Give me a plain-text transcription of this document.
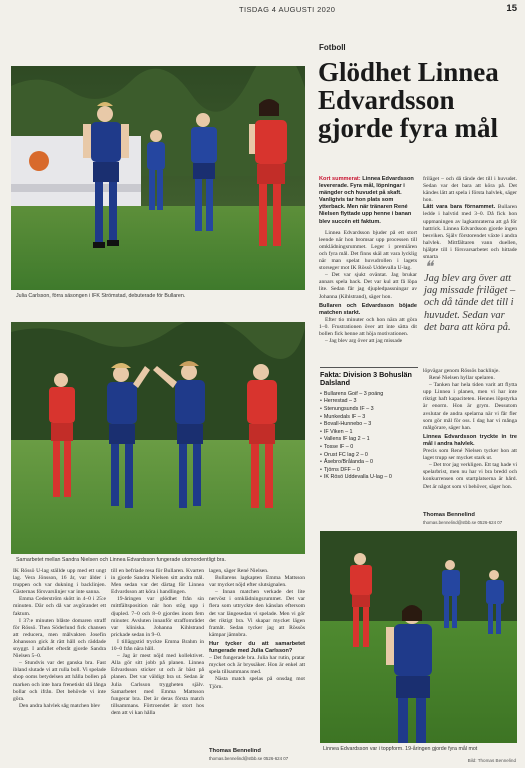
TISDAG 4 AUGUSTI 2020	15
Fotboll
Julia Carlsson, förra säsongen i IFK Strömstad, debuterade för Bullaren.
Samarbetet mellan Sandra Nielsen och Linnea Edvardsson fungerade utomordentligt bra.
Glödhet Linnea Edvardsson gjorde fyra mål

Kort summerat: Linnea Edvardsson levererade. Fyra mål, löpningar i mängder och huvudet på skaft. Vanligtvis tar hon plats som ytterback. Men när tränaren René Nielsen flyttade upp henne i banan blev succén ett faktum.

Linnea Edvardsson bjuder på ett stort leende när hon bromsar upp processen till omklädningsrummet. Leger i premiären och fyra mål. Det finns skäl att vara lycklig när man spelat huvudrollen i lagets storseger mot IK Rössö Uddevalla U-lag.

– Det var sjukt oväntat. Jag brukar annars spela back. Det var kul att få löpa lite. Sedan får jag djupledpassningar av Johanna (Kihlstrand), säger hon.

Bullaren och Edvardsson böjade matchen starkt.

Efter tio minuter och hon nära att göra 1–0. Frustrationen över att inte sätta dit bollen fick henne att höja motivationen.

– Jag blev arg över att jag missade

friläget – och då tände det till i huvudet. Sedan var det bara att köra på. Det kändes lätt att spela i första halvlek, säger hon.

Lätt vara bara förnammet. Bullaren ledde i halvtid med 3–0. Då fick hon uppmaningen av lagkamraterna att gå för hattrick. Linnea Edvardsson gjorde ingen besviken. Själv förstorendet växte i andra halvlek. Mittfältaren vann duellen, hjälpte till i försvarsarbetet och hittade smarta
❝
Jag blev arg över att jag missade friläget – och då tände det till i huvudet. Sedan var det bara att köra på.

löpvägar genom Rössös backlinje.

René Nielsen hyllar spelaren.

– Tanken har hela tiden varit att flytta upp Linnea i planen, men vi har inte riktigt haft kapaciteten. Hennes löpstyrka är enorm. Hon är grym. Dessutom avslutar de andra spelarna när vi får fler som gör mål för oss. I dag har vi många målgörare, säger han.

Linnea Edvardsson tryckte in tre mål i andra halvlek.

Precis som René Nielsen tycker hon att laget trupp ser mycket stark ut.

– Det tror jag verkligen. Ett tag hade vi spelarbrist, men nu har vi bra bredd och konkurrensen om startplatserna är hård. Det är något som vi behöver, säger hon.

Fakta: Division 3 Bohuslän Dalsland
• Bullarens Goif – 3 poäng
• Herrestad – 3
• Stenungsunds IF – 3
• Munkedals IF – 3
• Bovall-Hunnebo – 3
• IF Viken – 1
• Vallens IF lag 2 – 1
• Tosse IF – 0
• Orust FC lag 2 – 0
• Åsebro/Brålanda – 0
• Tjörns DFF – 0
• IK Rösö Uddevalla U-lag – 0
Thomas Bennelind
thomas.bennelind@stbb.se 0526-624 07
Linnea Edvardsson var i toppform. 19-åringen gjorde fyra mål mot
Bild: Thomas Bennelind

IK Rössö U-lag ställde upp med ett ungt lag. Vera Jönsson, 16 år, var ålder i truppen och var dukning i backlinjen. Gästernas försvarslinjer var inte sanna.

Emma Cederström skött in 4–0 i 25:e minuten. Där och då var avgörandet ett faktum.

I 37:e minuten blåste domaren straff för Rössö. Thea Söderlund fick chansen att reducera, men målvakten Josefin Johansson gick åt rätt håll och räddade snyggt. I anfallet efteråt gjorde Sandra Nielsen 5–0.

– Stundvis var det ganska bra. Fast ibland slutade vi att rulla boll. Vi spelade shop ooms betydelsen att hålla bollen på marken och inte bara frenetiskt slå långa bollar och ifrån. Det behövde vi inte göra.

Den andra halvlek såg matchen blev

till en befriade resa för Bullaren. Kvarten in gjorde Sandra Nielsen sitt andra mål. Men sedan var det därtag för Linnea Edvardsson att köra i handlingen.

19-åringen var glödhet från sin mittfältsposition när hon stög upp i djupled. 7–0 och 8–0 gjordes inom fem minuter. Avsluten innanför straffområdet var kliniska. Johanna Kihlstrand prickade sedan in 9–0.

I tilläggstid tryckte Emma Brahm in 10–0 från nära håll.

– Jag är mest nöjd med kollektivet. Alla gör sitt jobb på planen. Linnea Edvardsson sticker ut och är bäst på planen. Det var väldigt bra ut. Sedan är Julia Carlsson tryggheten själv. Samarbetet med Emma Mattsson fungerar bra. Det är deras första match tillsammans. Förtroendet är stort hos dem att vi kan hålla

lagen, säger René Nielsen.

Bullarens lagkapten Emma Mattsson var mycket nöjd efter slutsignalen.

– Innan matchen verkade det lite nervöst i omklädningsrummet. Det var flera som uttryckte den känslan eftersom det var längesedan vi spelade. Men vi gör det riktigt bra. Vi skapar mycket lägen framåt. Sedan tycker jag att Rössös kämpar jämnbra.

Hur tycker du att samarbetet fungerade med Julia Carlsson?

– Det fungerade bra. Julia har rutin, pratar mycket och är bryssäker. Hon är enkel att spela tillsammans med.

Nästa match spelas på onsdag mot Tjörn.

Thomas Bennelind
thomas.bennelind@stbb.se 0526-624 07
